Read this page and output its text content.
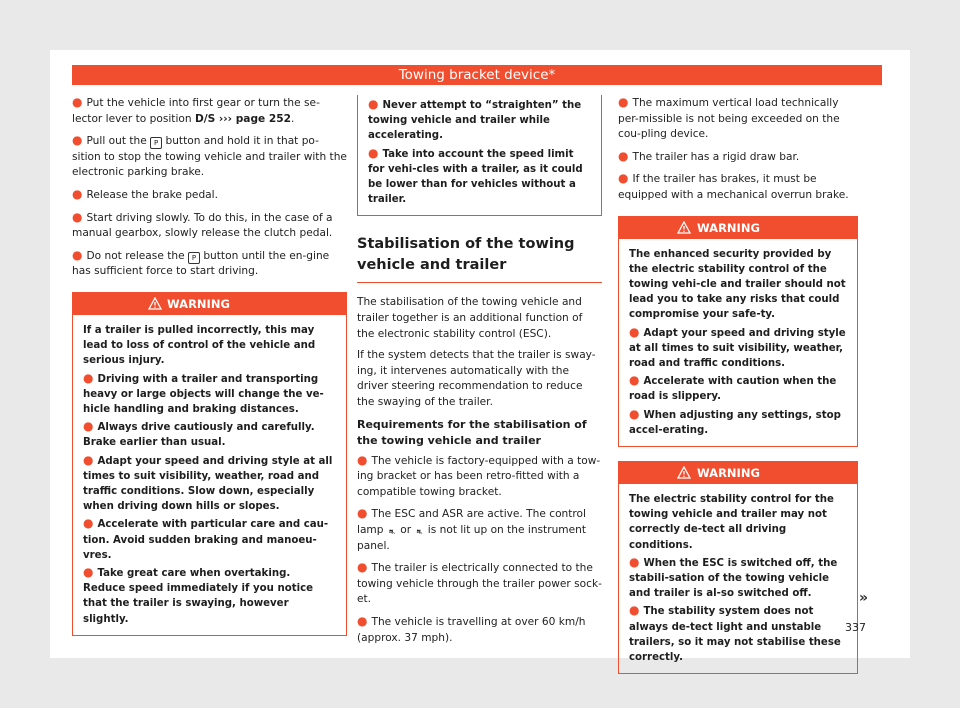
Towing bracket device*

● Put the vehicle into first gear or turn the se-lector lever to position D/S ››› page 252.

● Pull out the P button and hold it in that po-sition to stop the towing vehicle and trailer with the electronic parking brake.

● Release the brake pedal.

● Start driving slowly. To do this, in the case of a manual gearbox, slowly release the clutch pedal.

● Do not release the P button until the en-gine has sufficient force to start driving.

WARNING

If a trailer is pulled incorrectly, this may lead to loss of control of the vehicle and serious injury.

● Driving with a trailer and transporting heavy or large objects will change the ve-hicle handling and braking distances.

● Always drive cautiously and carefully. Brake earlier than usual.

● Adapt your speed and driving style at all times to suit visibility, weather, road and traffic conditions. Slow down, especially when driving down hills or slopes.

● Accelerate with particular care and cau-tion. Avoid sudden braking and manoeu-vres.

● Take great care when overtaking. Reduce speed immediately if you notice that the trailer is swaying, however slightly.

● Never attempt to “straighten” the towing vehicle and trailer while accelerating.

● Take into account the speed limit for vehi-cles with a trailer, as it could be lower than for vehicles without a trailer.

Stabilisation of the towing vehicle and trailer

The stabilisation of the towing vehicle and trailer together is an additional function of the electronic stability control (ESC).

If the system detects that the trailer is sway-ing, it intervenes automatically with the driver steering recommendation to reduce the swaying of the trailer.

Requirements for the stabilisation of the towing vehicle and trailer

● The vehicle is factory-equipped with a tow-ing bracket or has been retro-fitted with a compatible towing bracket.

● The ESC and ASR are active. The control lamp ⛐ or ⛐ is not lit up on the instrument panel.

● The trailer is electrically connected to the towing vehicle through the trailer power sock-et.

● The vehicle is travelling at over 60 km/h (approx. 37 mph).

● The maximum vertical load technically per-missible is not being exceeded on the cou-pling device.

● The trailer has a rigid draw bar.

● If the trailer has brakes, it must be equipped with a mechanical overrun brake.

WARNING

The enhanced security provided by the electric stability control of the towing vehi-cle and trailer should not lead you to take any risks that could compromise your safe-ty.

● Adapt your speed and driving style at all times to suit visibility, weather, road and traffic conditions.

● Accelerate with caution when the road is slippery.

● When adjusting any settings, stop accel-erating.

WARNING

The electric stability control for the towing vehicle and trailer may not correctly de-tect all driving conditions.

● When the ESC is switched off, the stabili-sation of the towing vehicle and trailer is al-so switched off.

● The stability system does not always de-tect light and unstable trailers, so it may not stabilise these correctly.

»
337
